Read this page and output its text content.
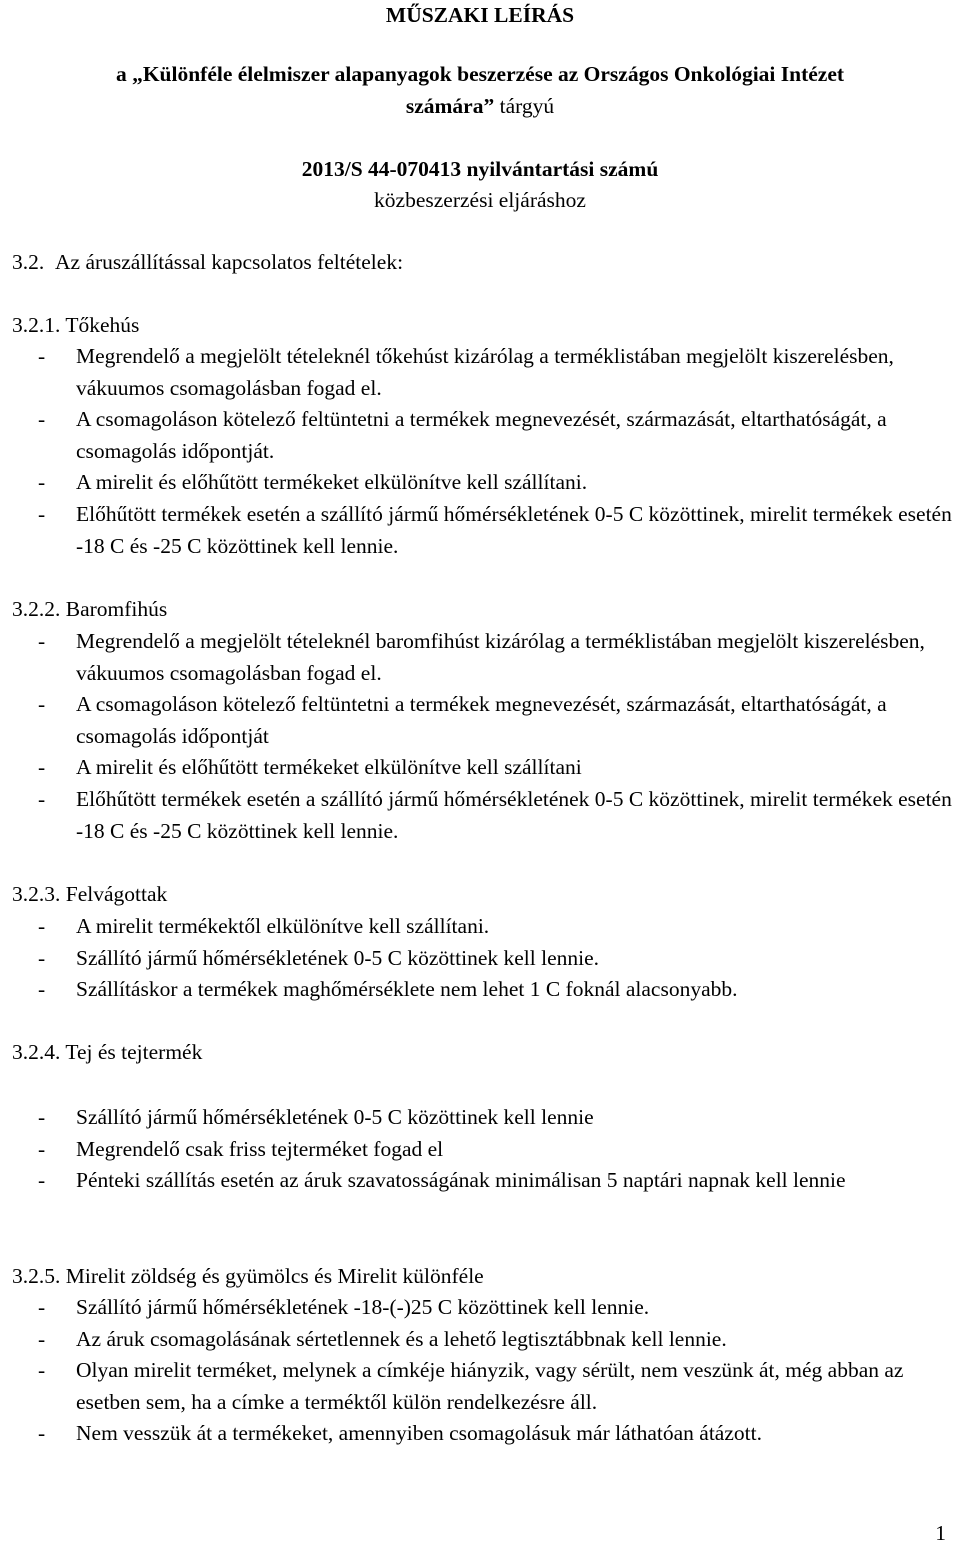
MŰSZAKI LEÍRÁS
a „Különféle élelmiszer alapanyagok beszerzése az Országos Onkológiai Intézet
számára” tárgyú
2013/S 44-070413 nyilvántartási számú
közbeszerzési eljáráshoz
3.2. Az áruszállítással kapcsolatos feltételek:
3.2.1. Tőkehús
- Megrendelő a megjelölt tételeknél tőkehúst kizárólag a terméklistában megjelölt kiszerelésben, vákuumos csomagolásban fogad el.
- A csomagoláson kötelező feltüntetni a termékek megnevezését, származását, eltarthatóságát, a csomagolás időpontját.
- A mirelit és előhűtött termékeket elkülönítve kell szállítani.
- Előhűtött termékek esetén a szállító jármű hőmérsékletének 0-5 C közöttinek, mirelit termékek esetén -18 C és -25 C közöttinek kell lennie.
3.2.2. Baromfihús
- Megrendelő a megjelölt tételeknél baromfihúst kizárólag a terméklistában megjelölt kiszerelésben, vákuumos csomagolásban fogad el.
- A csomagoláson kötelező feltüntetni a termékek megnevezését, származását, eltarthatóságát, a csomagolás időpontját
- A mirelit és előhűtött termékeket elkülönítve kell szállítani
- Előhűtött termékek esetén a szállító jármű hőmérsékletének 0-5 C közöttinek, mirelit termékek esetén -18 C és -25 C közöttinek kell lennie.
3.2.3. Felvágottak
- A mirelit termékektől elkülönítve kell szállítani.
- Szállító jármű hőmérsékletének 0-5 C közöttinek kell lennie.
- Szállításkor a termékek maghőmérséklete nem lehet 1 C foknál alacsonyabb.
3.2.4. Tej és tejtermék
- Szállító jármű hőmérsékletének 0-5 C közöttinek kell lennie
- Megrendelő csak friss tejterméket fogad el
- Pénteki szállítás esetén az áruk szavatosságának minimálisan 5 naptári napnak kell lennie
3.2.5. Mirelit zöldség és gyümölcs és Mirelit különféle
- Szállító jármű hőmérsékletének -18-(-)25 C közöttinek kell lennie.
- Az áruk csomagolásának sértetlennek és a lehető legtisztábbnak kell lennie.
- Olyan mirelit terméket, melynek a címkéje hiányzik, vagy sérült, nem veszünk át, még abban az esetben sem, ha a címke a terméktől külön rendelkezésre áll.
- Nem vesszük át a termékeket, amennyiben csomagolásuk már láthatóan átázott.
1
